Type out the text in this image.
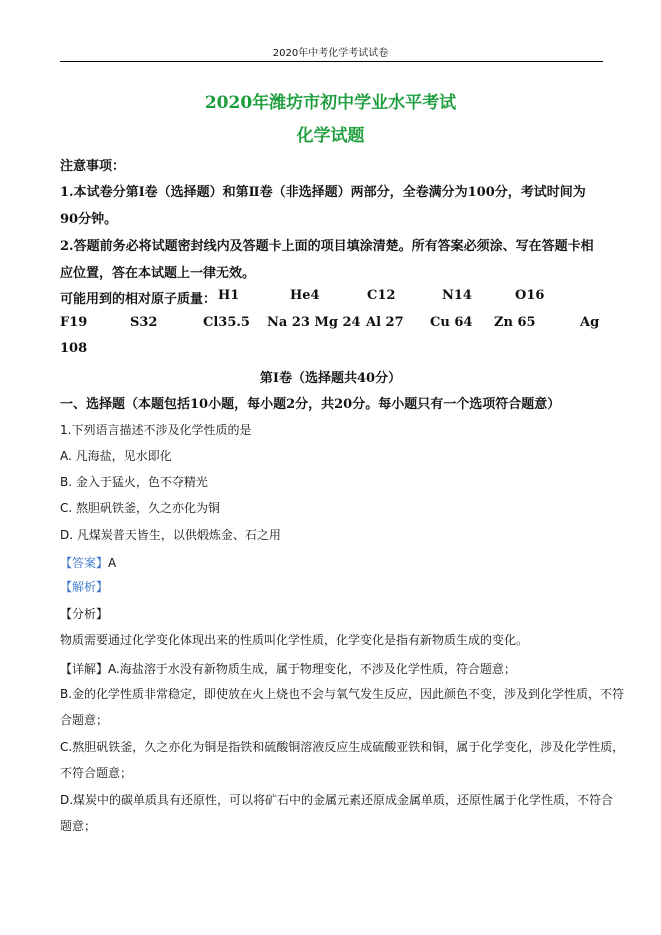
2020年中考化学考试试卷
2020年潍坊市初中学业水平考试
化学试题
注意事项：
1.本试卷分第Ⅰ卷（选择题）和第Ⅱ卷（非选择题）两部分，全卷满分为100分，考试时间为
90分钟。
2.答题前务必将试题密封线内及答题卡上面的项目填涂清楚。所有答案必须涂、写在答题卡相
应位置，答在本试题上一律无效。
可能用到的相对原子质量： H1	He4	C12	N14	O16
F19	S32	Cl35.5 Na 23 Mg 24 Al 27 Cu 64 Zn 65	Ag
108
第Ⅰ卷（选择题共40分）
一、选择题（本题包括10小题，每小题2分，共20分。每小题只有一个选项符合题意）
1.下列语言描述不涉及化学性质的是
A. 凡海盐，见水即化
B. 金入于猛火，色不夺精光
C. 熬胆矾铁釜，久之亦化为铜
D. 凡煤炭普天皆生，以供煅炼金、石之用
【答案】A
【解析】
【分析】
物质需要通过化学变化体现出来的性质叫化学性质，化学变化是指有新物质生成的变化。
【详解】A.海盐溶于水没有新物质生成，属于物理变化，不涉及化学性质，符合题意；
B.金的化学性质非常稳定，即使放在火上烧也不会与氧气发生反应，因此颜色不变，涉及到化学性质，不符
合题意；
C.熬胆矾铁釜，久之亦化为铜是指铁和硫酸铜溶液反应生成硫酸亚铁和铜，属于化学变化，涉及化学性质，
不符合题意；
D.煤炭中的碳单质具有还原性，可以将矿石中的金属元素还原成金属单质，还原性属于化学性质，不符合
题意；
